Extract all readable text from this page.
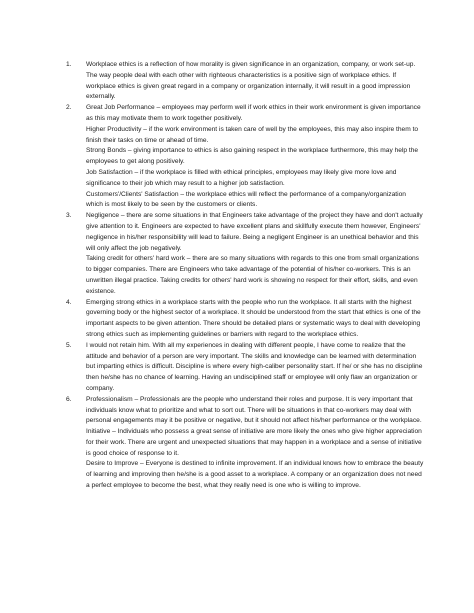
1.	Workplace ethics is a reflection of how morality is given significance in an organization, company, or work set-up. The way people deal with each other with righteous characteristics is a positive sign of workplace ethics. If workplace ethics is given great regard in a company or organization internally, it will result in a good impression externally.
2.	Great Job Performance – employees may perform well if work ethics in their work environment is given importance as this may motivate them to work together positively.
Higher Productivity – if the work environment is taken care of well by the employees, this may also inspire them to finish their tasks on time or ahead of time.
Strong Bonds – giving importance to ethics is also gaining respect in the workplace furthermore, this may help the employees to get along positively.
Job Satisfaction – if the workplace is filled with ethical principles, employees may likely give more love and significance to their job which may result to a higher job satisfaction.
Customers'/Clients' Satisfaction – the workplace ethics will reflect the performance of a company/organization which is most likely to be seen by the customers or clients.
3.	Negligence – there are some situations in that Engineers take advantage of the project they have and don't actually give attention to it. Engineers are expected to have excellent plans and skillfully execute them however, Engineers' negligence in his/her responsibility will lead to failure. Being a negligent Engineer is an unethical behavior and this will only affect the job negatively.
Taking credit for others' hard work – there are so many situations with regards to this one from small organizations to bigger companies. There are Engineers who take advantage of the potential of his/her co-workers. This is an unwritten illegal practice. Taking credits for others' hard work is showing no respect for their effort, skills, and even existence.
4.	Emerging strong ethics in a workplace starts with the people who run the workplace. It all starts with the highest governing body or the highest sector of a workplace. It should be understood from the start that ethics is one of the important aspects to be given attention. There should be detailed plans or systematic ways to deal with developing strong ethics such as implementing guidelines or barriers with regard to the workplace ethics.
5.	I would not retain him. With all my experiences in dealing with different people, I have come to realize that the attitude and behavior of a person are very important. The skills and knowledge can be learned with determination but imparting ethics is difficult. Discipline is where every high-caliber personality start. If he/ or she has no discipline then he/she has no chance of learning. Having an undisciplined staff or employee will only flaw an organization or company.
6.	Professionalism – Professionals are the people who understand their roles and purpose. It is very important that individuals know what to prioritize and what to sort out. There will be situations in that co-workers may deal with personal engagements may it be positive or negative, but it should not affect his/her performance or the workplace.
Initiative – Individuals who possess a great sense of initiative are more likely the ones who give higher appreciation for their work. There are urgent and unexpected situations that may happen in a workplace and a sense of initiative is good choice of response to it.
Desire to Improve – Everyone is destined to infinite improvement. If an individual knows how to embrace the beauty of learning and improving then he/she is a good asset to a workplace. A company or an organization does not need a perfect employee to become the best, what they really need is one who is willing to improve.
